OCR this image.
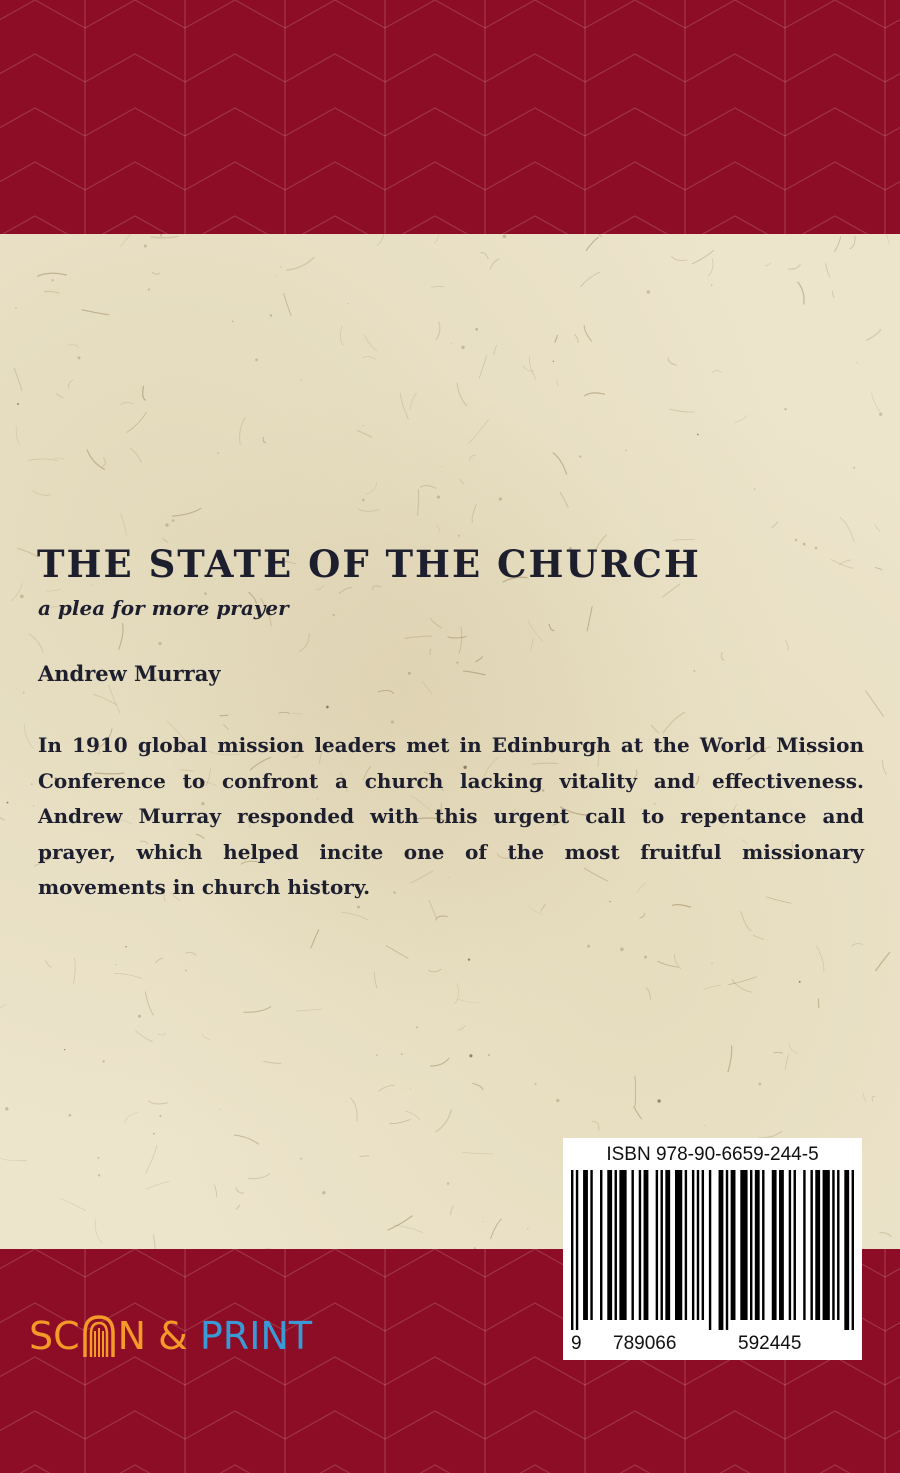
THE STATE OF THE CHURCH

a plea for more prayer

Andrew Murray

In 1910 global mission leaders met in Edinburgh at the World Mission Conference to confront a church lacking vitality and effectiveness. Andrew Murray responded with this urgent call to repentance and prayer, which helped incite one of the most fruitful missionary movements in church history.

ISBN 978-90-6659-244-5
9 789066	592445
SC N & PRINT
